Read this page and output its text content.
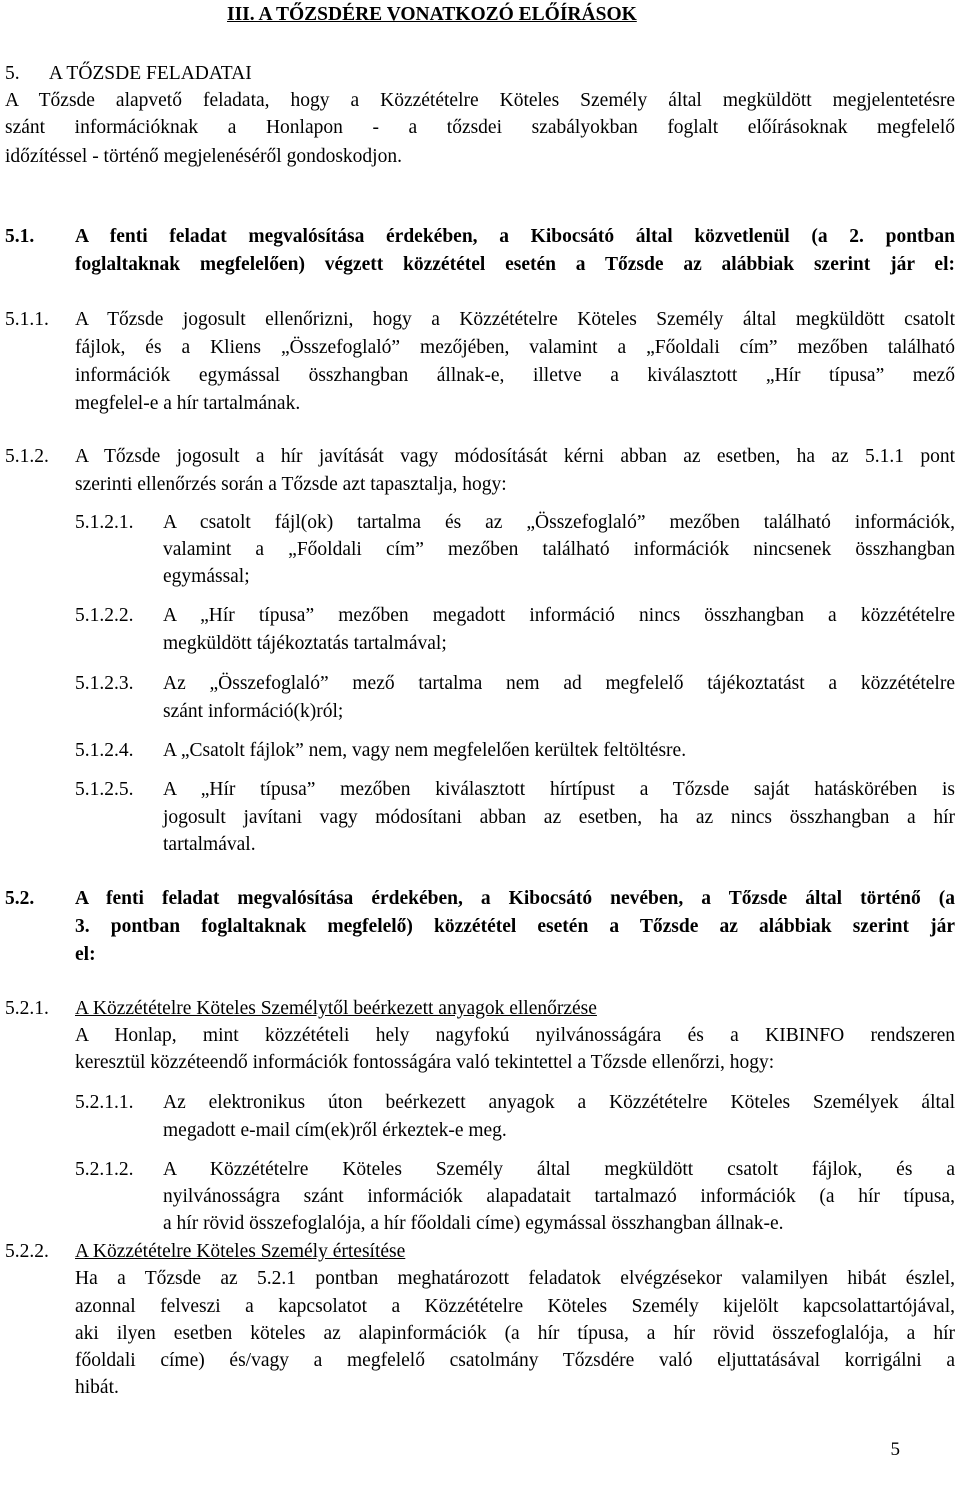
III. A TŐZSDÉRE VONATKOZÓ ELŐÍRÁSOK
5. A TŐZSDE FELADATAI
A Tőzsde alapvető feladata, hogy a Közzétételre Köteles Személy által megküldött megjelentetésre
szánt információknak a Honlapon - a tőzsdei szabályokban foglalt előírásoknak megfelelő
időzítéssel - történő megjelenéséről gondoskodjon.
5.1. A fenti feladat megvalósítása érdekében, a Kibocsátó által közvetlenül (a 2. pontban
foglaltaknak megfelelően) végzett közzététel esetén a Tőzsde az alábbiak szerint jár el:
5.1.1. A Tőzsde jogosult ellenőrizni, hogy a Közzétételre Köteles Személy által megküldött csatolt
fájlok, és a Kliens „Összefoglaló” mezőjében, valamint a „Főoldali cím” mezőben található
információk egymással összhangban állnak-e, illetve a kiválasztott „Hír típusa” mező
megfelel-e a hír tartalmának.
5.1.2. A Tőzsde jogosult a hír javítását vagy módosítását kérni abban az esetben, ha az 5.1.1 pont
szerinti ellenőrzés során a Tőzsde azt tapasztalja, hogy:
5.1.2.1. A csatolt fájl(ok) tartalma és az „Összefoglaló” mezőben található információk,
valamint a „Főoldali cím” mezőben található információk nincsenek összhangban
egymással;
5.1.2.2. A „Hír típusa” mezőben megadott információ nincs összhangban a közzétételre
megküldött tájékoztatás tartalmával;
5.1.2.3. Az „Összefoglaló” mező tartalma nem ad megfelelő tájékoztatást a közzétételre
szánt információ(k)ról;
5.1.2.4. A „Csatolt fájlok” nem, vagy nem megfelelően kerültek feltöltésre.
5.1.2.5. A „Hír típusa” mezőben kiválasztott hírtípust a Tőzsde saját hatáskörében is
jogosult javítani vagy módosítani abban az esetben, ha az nincs összhangban a hír
tartalmával.
5.2. A fenti feladat megvalósítása érdekében, a Kibocsátó nevében, a Tőzsde által történő (a
3. pontban foglaltaknak megfelelő) közzététel esetén a Tőzsde az alábbiak szerint jár
el:
5.2.1. A Közzétételre Köteles Személytől beérkezett anyagok ellenőrzése
A Honlap, mint közzétételi hely nagyfokú nyilvánosságára és a KIBINFO rendszeren
keresztül közzéteendő információk fontosságára való tekintettel a Tőzsde ellenőrzi, hogy:
5.2.1.1. Az elektronikus úton beérkezett anyagok a Közzétételre Köteles Személyek által
megadott e-mail cím(ek)ről érkeztek-e meg.
5.2.1.2. A Közzétételre Köteles Személy által megküldött csatolt fájlok, és a
nyilvánosságra szánt információk alapadatait tartalmazó információk (a hír típusa,
a hír rövid összefoglalója, a hír főoldali címe) egymással összhangban állnak-e.
5.2.2. A Közzétételre Köteles Személy értesítése
Ha a Tőzsde az 5.2.1 pontban meghatározott feladatok elvégzésekor valamilyen hibát észlel,
azonnal felveszi a kapcsolatot a Közzétételre Köteles Személy kijelölt kapcsolattartójával,
aki ilyen esetben köteles az alapinformációk (a hír típusa, a hír rövid összefoglalója, a hír
főoldali címe) és/vagy a megfelelő csatolmány Tőzsdére való eljuttatásával korrigálni a
hibát.
5
